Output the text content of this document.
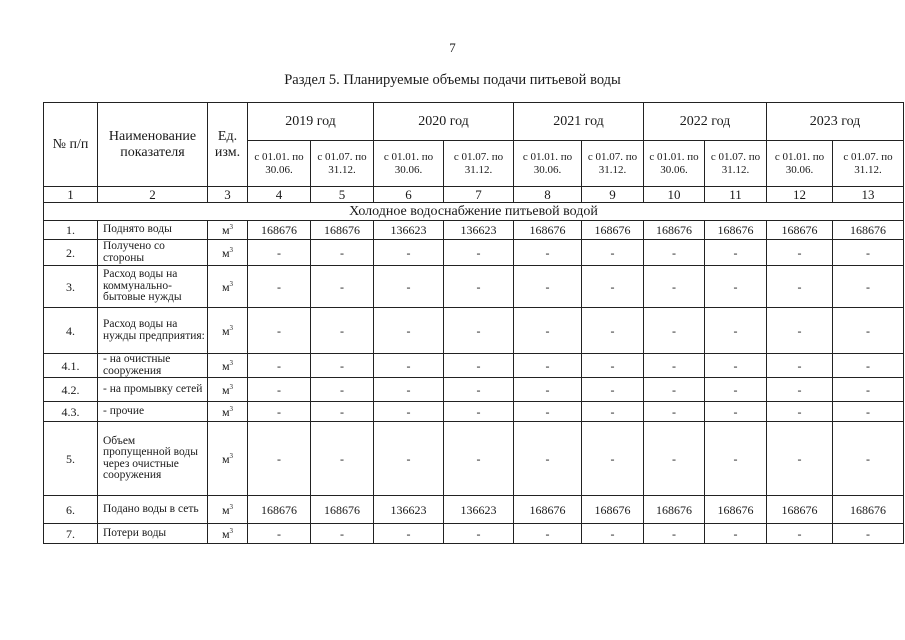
7
Раздел 5. Планируемые объемы подачи питьевой воды
№ п/п	Наименование показателя	Ед. изм.	2019 год		2020 год		2021 год		2022 год		2023 год	
			с 01.01. по 30.06.	с 01.07. по 31.12.	с 01.01. по 30.06.	с 01.07. по 31.12.	с 01.01. по 30.06.	с 01.07. по 31.12.	с 01.01. по 30.06.	с 01.07. по 31.12.	с 01.01. по 30.06.	с 01.07. по 31.12.
1	2	3	4	5	6	7	8	9	10	11	12	13
Холодное водоснабжение питьевой водой												
1.	Поднято воды	$м^3$	168676	168676	136623	136623	168676	168676	168676	168676	168676	168676
2.	Получено со стороны	$м^3$	-	-	-	-	-	-	-	-	-	-
3.	Расход воды на коммунально-бытовые нужды	$м^3$	-	-	-	-	-	-	-	-	-	-
4.	Расход воды на нужды предприятия:	$м^3$	-	-	-	-	-	-	-	-	-	-
4.1.	- на очистные сооружения	$м^3$	-	-	-	-	-	-	-	-	-	-
4.2.	- на промывку сетей	$м^3$	-	-	-	-	-	-	-	-	-	-
4.3.	- прочие	$м^3$	-	-	-	-	-	-	-	-	-	-
5.	Объем пропущенной воды через очистные сооружения	$м^3$	-	-	-	-	-	-	-	-	-	-
6.	Подано воды в сеть	$м^3$	168676	168676	136623	136623	168676	168676	168676	168676	168676	168676
7.	Потери воды	$м^3$	-	-	-	-	-	-	-	-	-	-
